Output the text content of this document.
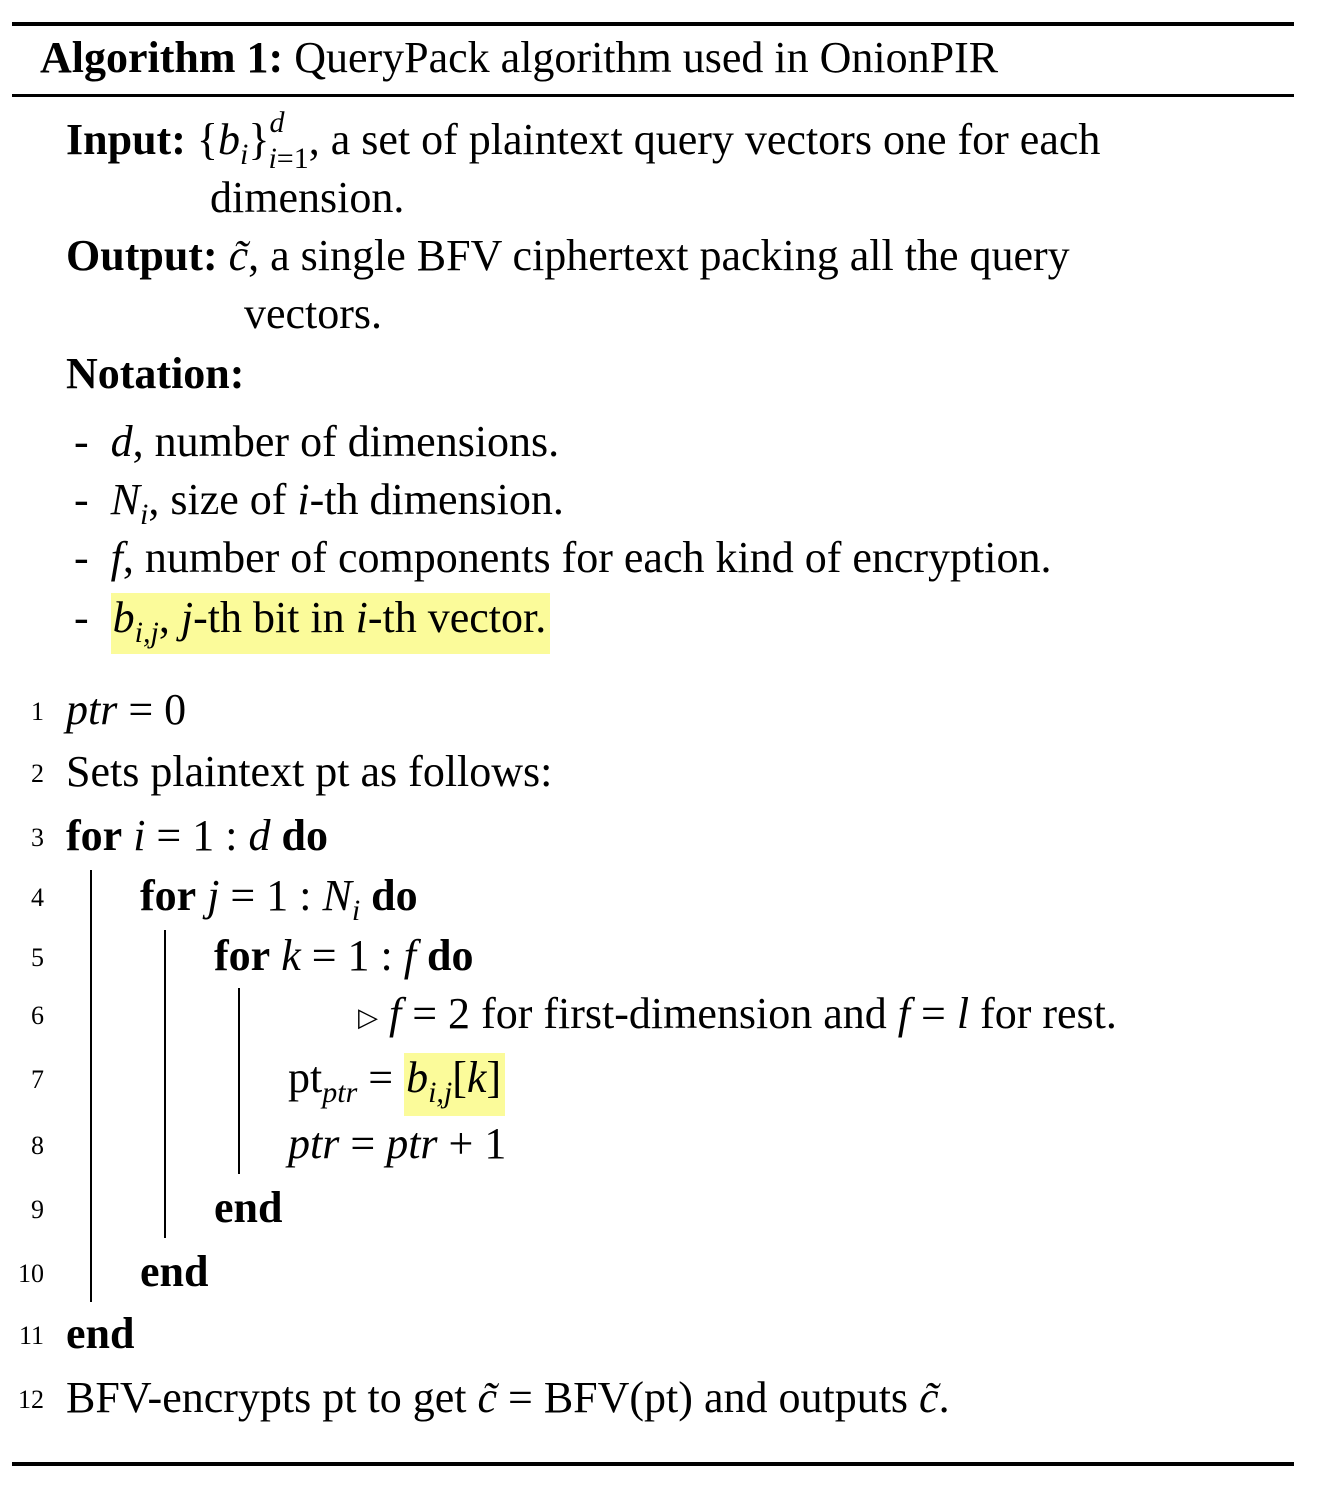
Algorithm 1: QueryPack algorithm used in OnionPIR
Input: $\{b_i\}^d_{i=1}$, a set of plaintext query vectors one for each
dimension.
Output: c̃, a single BFV ciphertext packing all the query
vectors.
Notation:
-  d, number of dimensions.
-  $N_i$, size of i-th dimension.
-  f, number of components for each kind of encryption.
-  $b_{i,j}$, j-th bit in i-th vector.
1
2
3
4
5
6
7
8
9
10
11
12
ptr = 0
Sets plaintext pt as follows:
for i = 1 : d do
for j = 1 : $N_i$ do
for k = 1 : f do
▷ f = 2 for first-dimension and f = l for rest.
$pt_{ptr} = b_{i,j}[k]$
ptr = ptr + 1
end
end
end
BFV-encrypts pt to get c̃ = BFV(pt) and outputs c̃.
